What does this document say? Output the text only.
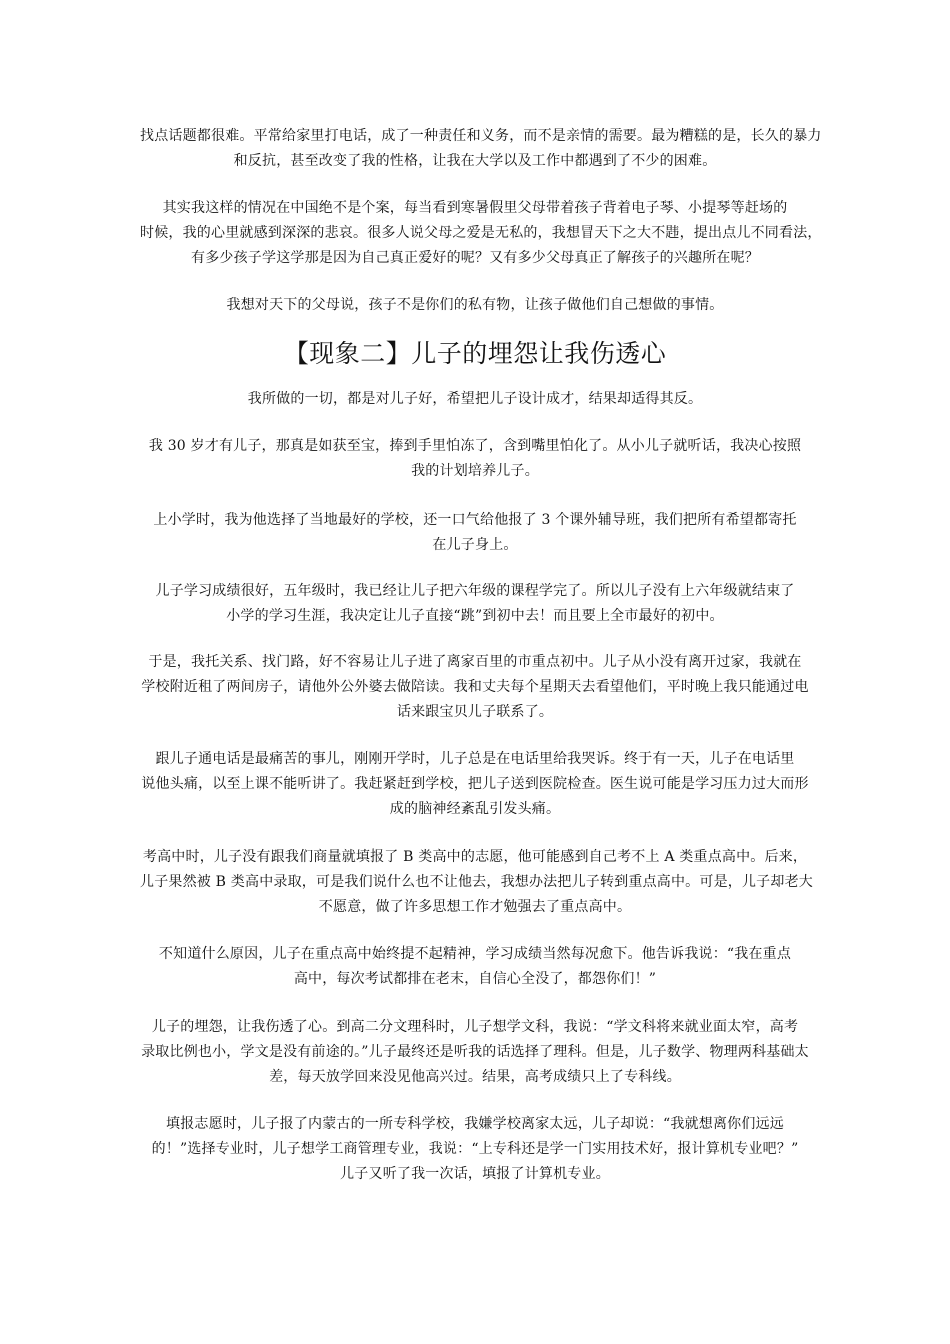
找点话题都很难。平常给家里打电话，成了一种责任和义务，而不是亲情的需要。最为糟糕的是，长久的暴力
和反抗，甚至改变了我的性格，让我在大学以及工作中都遇到了不少的困难。
其实我这样的情况在中国绝不是个案，每当看到寒暑假里父母带着孩子背着电子琴、小提琴等赶场的
时候，我的心里就感到深深的悲哀。很多人说父母之爱是无私的，我想冒天下之大不韪，提出点儿不同看法，
有多少孩子学这学那是因为自己真正爱好的呢？又有多少父母真正了解孩子的兴趣所在呢？
我想对天下的父母说，孩子不是你们的私有物，让孩子做他们自己想做的事情。
【现象二】儿子的埋怨让我伤透心
我所做的一切，都是对儿子好，希望把儿子设计成才，结果却适得其反。
我 30 岁才有儿子，那真是如获至宝，捧到手里怕冻了，含到嘴里怕化了。从小儿子就听话，我决心按照
我的计划培养儿子。
上小学时，我为他选择了当地最好的学校，还一口气给他报了 3 个课外辅导班，我们把所有希望都寄托
在儿子身上。
儿子学习成绩很好，五年级时，我已经让儿子把六年级的课程学完了。所以儿子没有上六年级就结束了
小学的学习生涯，我决定让儿子直接“跳”到初中去！而且要上全市最好的初中。
于是，我托关系、找门路，好不容易让儿子进了离家百里的市重点初中。儿子从小没有离开过家，我就在
学校附近租了两间房子，请他外公外婆去做陪读。我和丈夫每个星期天去看望他们，平时晚上我只能通过电
话来跟宝贝儿子联系了。
跟儿子通电话是最痛苦的事儿，刚刚开学时，儿子总是在电话里给我哭诉。终于有一天，儿子在电话里
说他头痛，以至上课不能听讲了。我赶紧赶到学校，把儿子送到医院检查。医生说可能是学习压力过大而形
成的脑神经紊乱引发头痛。
考高中时，儿子没有跟我们商量就填报了 B 类高中的志愿，他可能感到自己考不上 A 类重点高中。后来，
儿子果然被 B 类高中录取，可是我们说什么也不让他去，我想办法把儿子转到重点高中。可是，儿子却老大
不愿意，做了许多思想工作才勉强去了重点高中。
不知道什么原因，儿子在重点高中始终提不起精神，学习成绩当然每况愈下。他告诉我说：“我在重点
高中，每次考试都排在老末，自信心全没了，都怨你们！”
儿子的埋怨，让我伤透了心。到高二分文理科时，儿子想学文科，我说：“学文科将来就业面太窄，高考
录取比例也小，学文是没有前途的。”儿子最终还是听我的话选择了理科。但是，儿子数学、物理两科基础太
差，每天放学回来没见他高兴过。结果，高考成绩只上了专科线。
填报志愿时，儿子报了内蒙古的一所专科学校，我嫌学校离家太远，儿子却说：“我就想离你们远远
的！”选择专业时，儿子想学工商管理专业，我说：“上专科还是学一门实用技术好，报计算机专业吧？”
儿子又听了我一次话，填报了计算机专业。
